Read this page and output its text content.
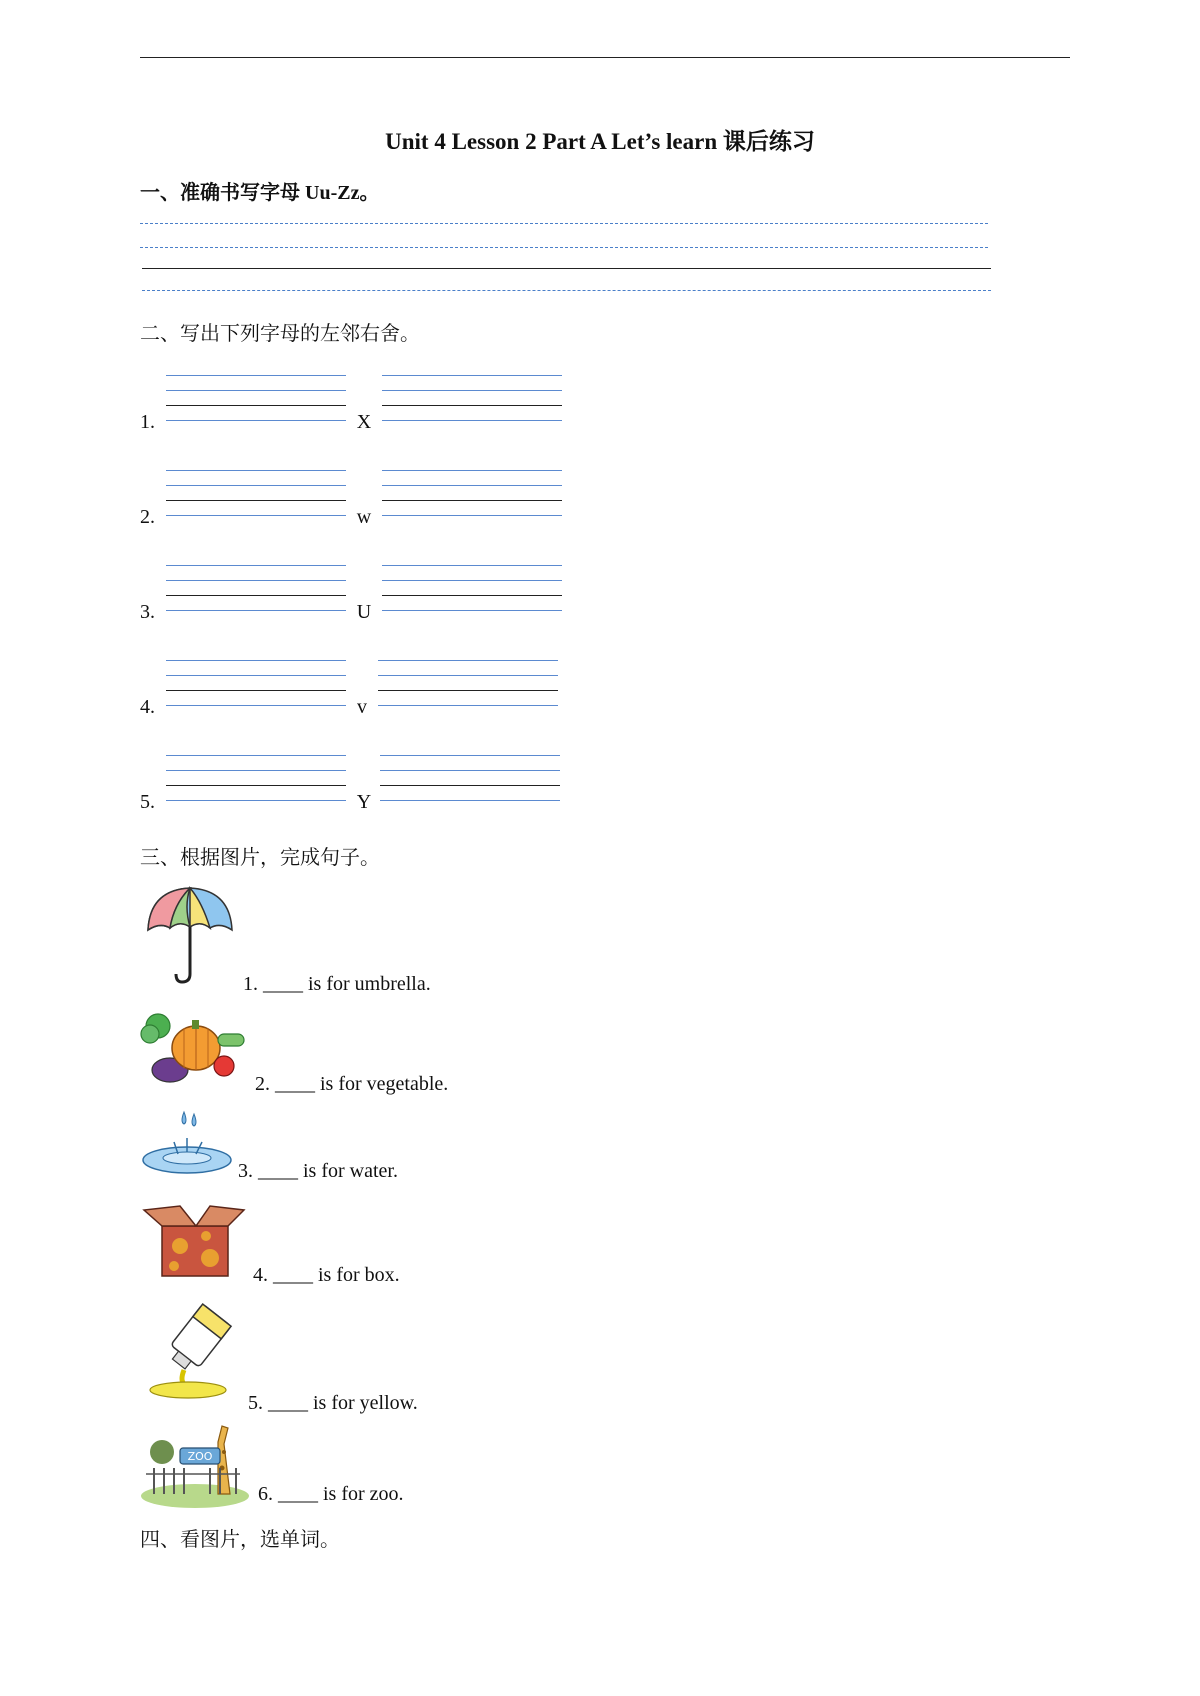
Unit 4 Lesson 2 Part A Let’s learn 课后练习
一、准确书写字母 Uu-Zz。
二、写出下列字母的左邻右舍。
1.	X
2.	w
3.	U
4.	v
5.	Y
三、根据图片，完成句子。
1. ____ is for umbrella.
2. ____ is for vegetable.
3. ____ is for water.
4. ____ is for box.
5. ____ is for yellow.
ZOO
6. ____ is for zoo.
四、看图片，选单词。
